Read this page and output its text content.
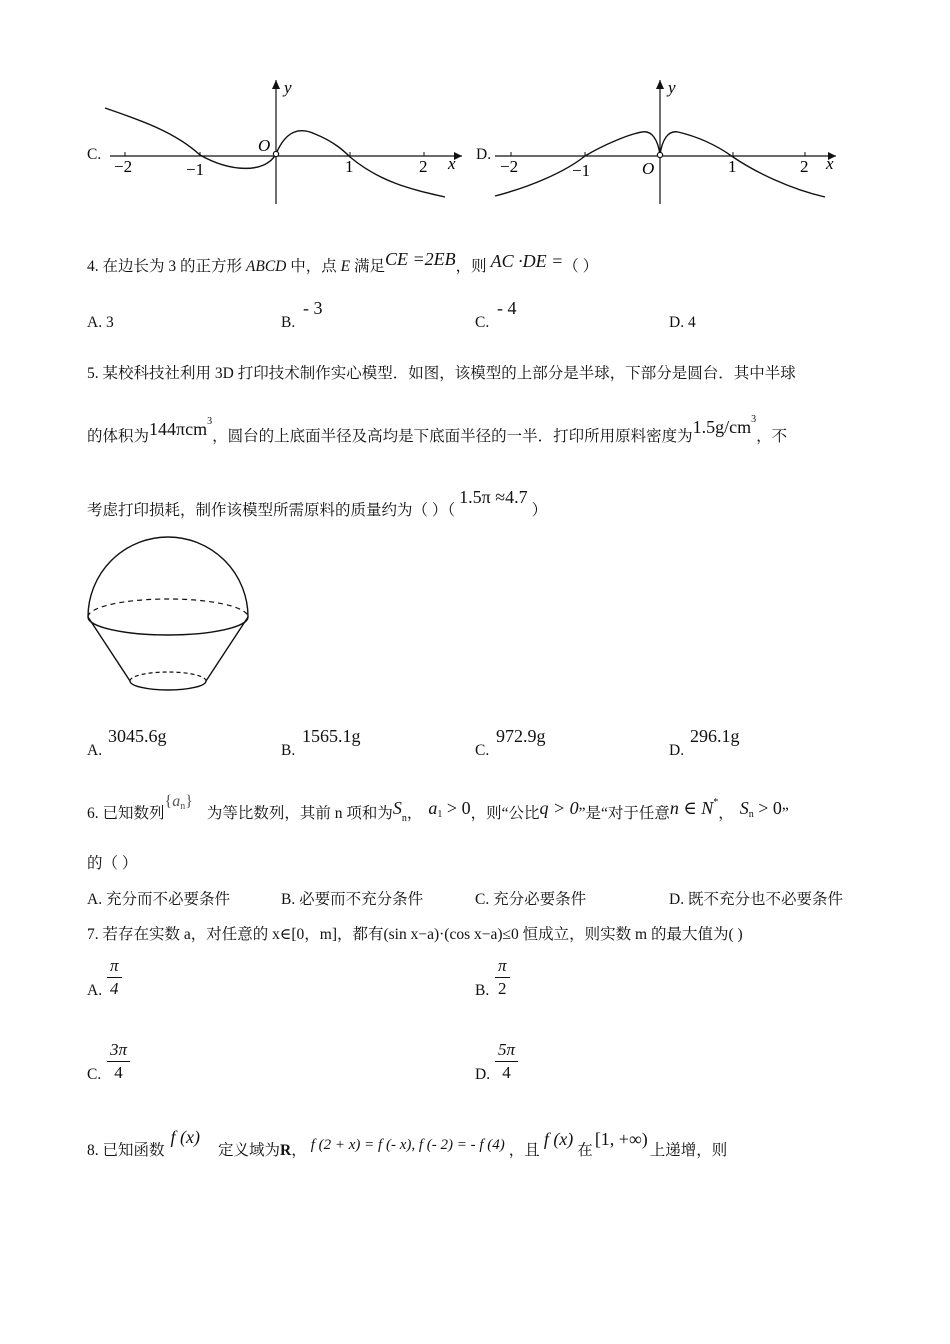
C.
y
x
O
−2	−1	1	2
D.
y
x
O
−2	−1	1	2
4. 在边长为 3 的正方形 ABCD 中，点 E 满足CE =2EB，则 AC ·DE =（ ）
A. 3	B.
- 3
C.
- 4
D. 4
5. 某校科技社利用 3D 打印技术制作实心模型．如图，该模型的上部分是半球，下部分是圆台．其中半球
的体积为144πcm$^3$，圆台的上底面半径及高均是下底面半径的一半．打印所用原料密度为$1.5g/cm^3$，不
考虑打印损耗，制作该模型所需原料的质量约为（ ）（1.5π ≈4.7）
A.
3045.6g
B.
1565.1g
C.
972.9g
D.
296.1g
6. 已知数列$\{a_n\}$为等比数列，其前 n 项和为$S_n$， $a_1 > 0$，则“公比q > 0”是“对于任意n ∈ N*， $S_n > 0$”
的（ ）
A. 充分而不必要条件	B. 必要而不充分条件	C. 充分必要条件	D. 既不充分也不必要条件
7. 若存在实数 a，对任意的 x∈[0，m]，都有(sin x−a)·(cos x−a)≤0 恒成立，则实数 m 的最大值为( )
A. $\frac{\pi}{4}$	B. $\frac{\pi}{2}$
C. $\frac{3\pi}{4}$	D. $\frac{5\pi}{4}$
8. 已知函数f (x)定义域为R， f (2 + x) = f (- x), f (- 2) = - f (4) ，且f (x)在[1, +∞)上递增，则
